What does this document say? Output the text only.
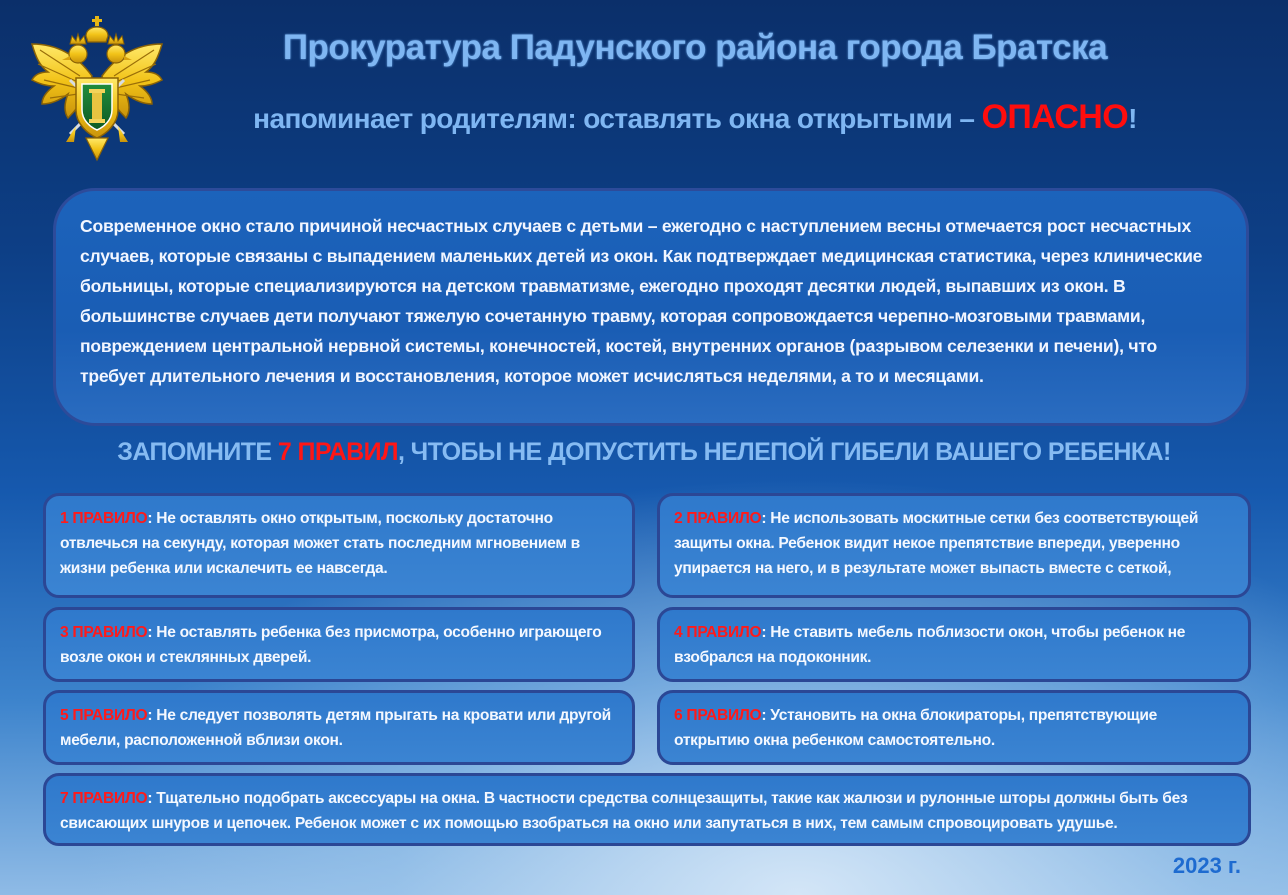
Прокуратура Падунского района города Братска
напоминает родителям: оставлять окна открытыми – ОПАСНО!
Современное окно стало причиной несчастных случаев с детьми – ежегодно с наступлением весны отмечается рост несчастных случаев, которые связаны с выпадением маленьких детей из окон. Как подтверждает медицинская статистика, через клинические больницы, которые специализируются на детском травматизме, ежегодно проходят десятки людей, выпавших из окон. В большинстве случаев дети получают тяжелую сочетанную травму, которая сопровождается черепно-мозговыми травмами, повреждением центральной нервной системы, конечностей, костей, внутренних органов (разрывом селезенки и печени), что требует длительного лечения и восстановления, которое может исчисляться неделями, а то и месяцами.
ЗАПОМНИТЕ 7 ПРАВИЛ, ЧТОБЫ НЕ ДОПУСТИТЬ НЕЛЕПОЙ ГИБЕЛИ ВАШЕГО РЕБЕНКА!
1 ПРАВИЛО: Не оставлять окно открытым, поскольку достаточно отвлечься на секунду, которая может стать последним мгновением в жизни ребенка или искалечить ее навсегда.
2 ПРАВИЛО: Не использовать москитные сетки без соответствующей защиты окна. Ребенок видит некое препятствие впереди, уверенно упирается на него, и в результате может выпасть вместе с сеткой,
3 ПРАВИЛО: Не оставлять ребенка без присмотра, особенно играющего возле окон и стеклянных дверей.
4 ПРАВИЛО: Не ставить мебель поблизости окон, чтобы ребенок не взобрался на подоконник.
5 ПРАВИЛО: Не следует позволять детям прыгать на кровати или другой мебели, расположенной вблизи окон.
6 ПРАВИЛО: Установить на окна блокираторы, препятствующие открытию окна ребенком самостоятельно.
7 ПРАВИЛО: Тщательно подобрать аксессуары на окна. В частности средства солнцезащиты, такие как жалюзи и рулонные шторы должны быть без свисающих шнуров и цепочек. Ребенок может с их помощью взобраться на окно или запутаться в них, тем самым спровоцировать удушье.
2023 г.
